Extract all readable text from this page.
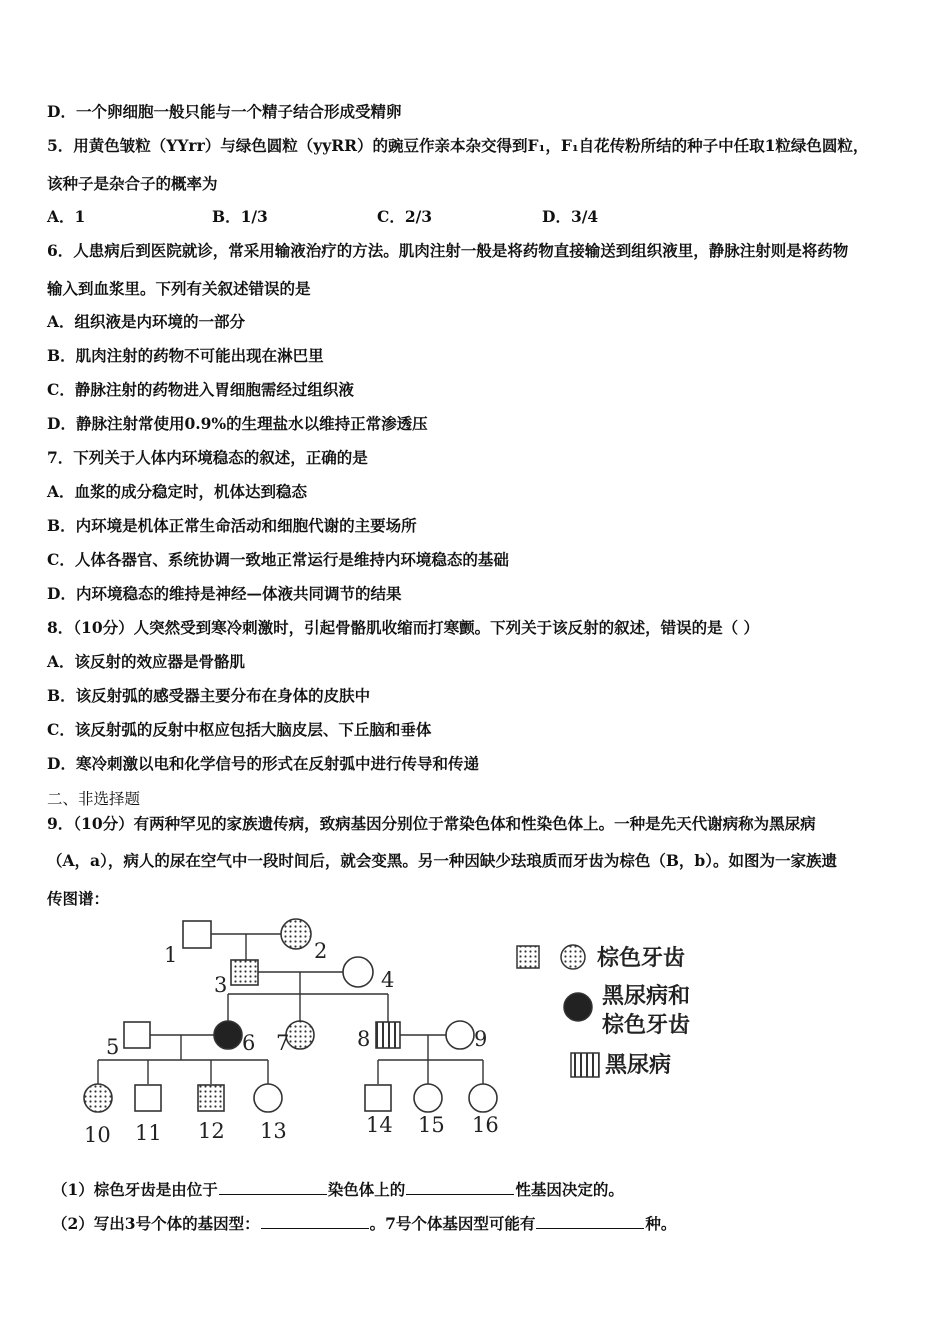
D．一个卵细胞一般只能与一个精子结合形成受精卵
5．用黄色皱粒（YYrr）与绿色圆粒（yyRR）的豌豆作亲本杂交得到F₁，F₁自花传粉所结的种子中任取1粒绿色圆粒，
该种子是杂合子的概率为
A．1	B．1/3	C．2/3	D．3/4
6．人患病后到医院就诊，常采用输液治疗的方法。肌肉注射一般是将药物直接输送到组织液里，静脉注射则是将药物
输入到血浆里。下列有关叙述错误的是
A．组织液是内环境的一部分
B．肌肉注射的药物不可能出现在淋巴里
C．静脉注射的药物进入胃细胞需经过组织液
D．静脉注射常使用0.9%的生理盐水以维持正常渗透压
7．下列关于人体内环境稳态的叙述，正确的是
A．血浆的成分稳定时，机体达到稳态
B．内环境是机体正常生命活动和细胞代谢的主要场所
C．人体各器官、系统协调一致地正常运行是维持内环境稳态的基础
D．内环境稳态的维持是神经—体液共同调节的结果
8．（10分）人突然受到寒冷刺激时，引起骨骼肌收缩而打寒颤。下列关于该反射的叙述，错误的是（ ）
A．该反射的效应器是骨骼肌
B．该反射弧的感受器主要分布在身体的皮肤中
C．该反射弧的反射中枢应包括大脑皮层、下丘脑和垂体
D．寒冷刺激以电和化学信号的形式在反射弧中进行传导和传递
二、非选择题
9．（10分）有两种罕见的家族遗传病，致病基因分别位于常染色体和性染色体上。一种是先天代谢病称为黑尿病
（A，a），病人的尿在空气中一段时间后，就会变黑。另一种因缺少珐琅质而牙齿为棕色（B，b）。如图为一家族遗
传图谱：
1	2
3	4
5	6 7	8	9
10 11 12 13	14 15 16
棕色牙齿
黑尿病和
棕色牙齿
黑尿病
（1）棕色牙齿是由位于	染色体上的	性基因决定的。
（2）写出3号个体的基因型：	。7号个体基因型可能有	种。
